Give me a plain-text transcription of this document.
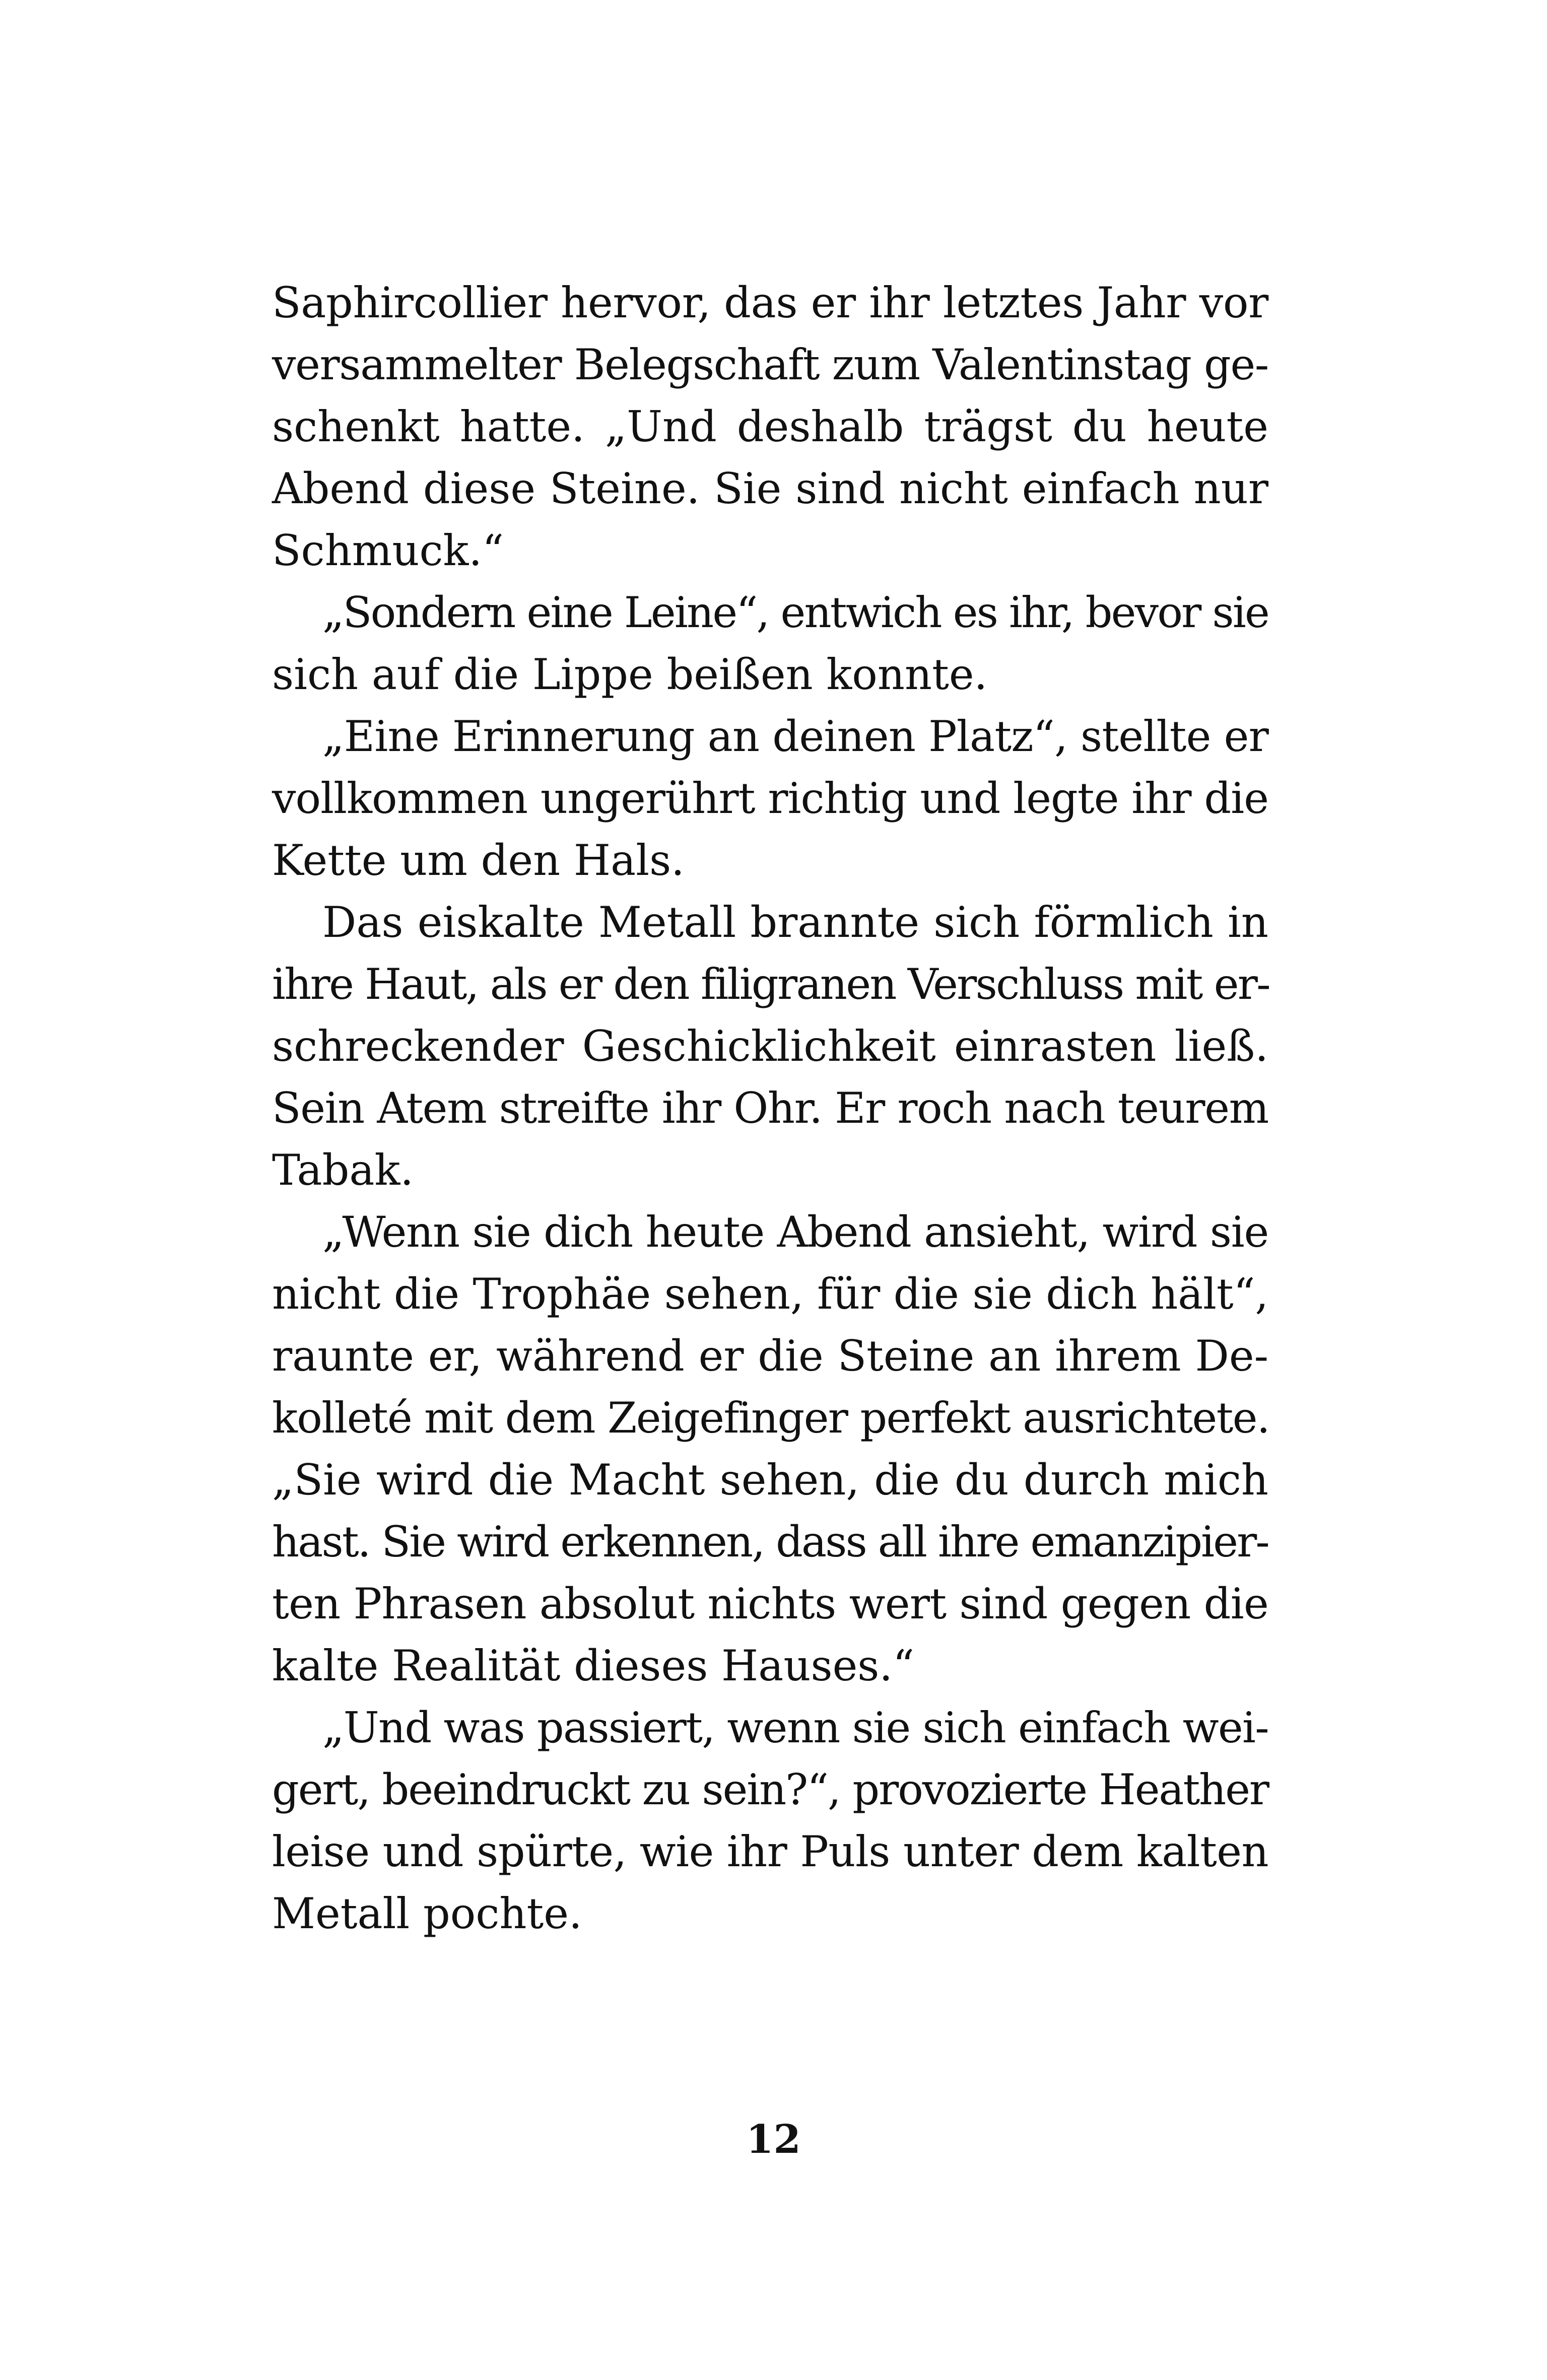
Saphircollier hervor, das er ihr letztes Jahr vor
versammelter Belegschaft zum Valentinstag ge-
schenkt hatte. „Und deshalb trägst du heute
Abend diese Steine. Sie sind nicht einfach nur
Schmuck.“
„Sondern eine Leine“, entwich es ihr, bevor sie
sich auf die Lippe beißen konnte.
„Eine Erinnerung an deinen Platz“, stellte er
vollkommen ungerührt richtig und legte ihr die
Kette um den Hals.
Das eiskalte Metall brannte sich förmlich in
ihre Haut, als er den filigranen Verschluss mit er-
schreckender Geschicklichkeit einrasten ließ.
Sein Atem streifte ihr Ohr. Er roch nach teurem
Tabak.
„Wenn sie dich heute Abend ansieht, wird sie
nicht die Trophäe sehen, für die sie dich hält“,
raunte er, während er die Steine an ihrem De-
kolleté mit dem Zeigefinger perfekt ausrichtete.
„Sie wird die Macht sehen, die du durch mich
hast. Sie wird erkennen, dass all ihre emanzipier-
ten Phrasen absolut nichts wert sind gegen die
kalte Realität dieses Hauses.“
„Und was passiert, wenn sie sich einfach wei-
gert, beeindruckt zu sein?“, provozierte Heather
leise und spürte, wie ihr Puls unter dem kalten
Metall pochte.
12
